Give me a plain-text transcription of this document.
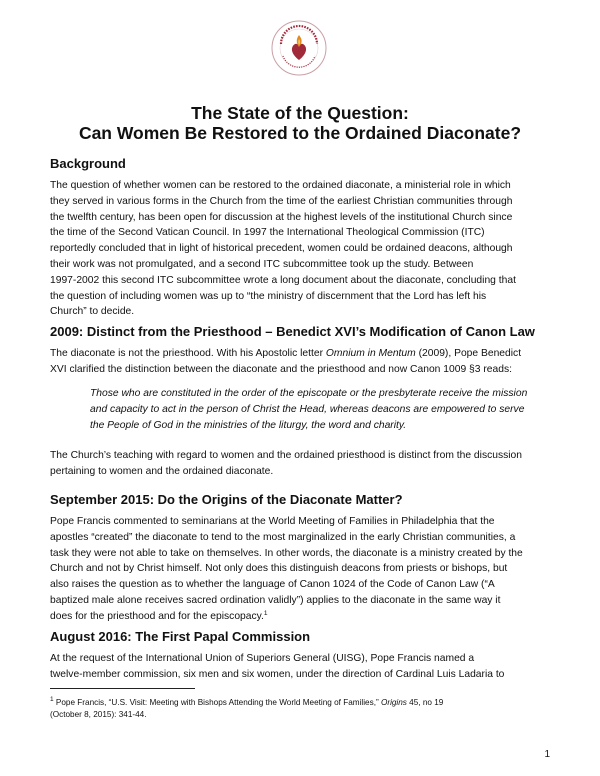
The State of the Question:
Can Women Be Restored to the Ordained Diaconate?
Background
The question of whether women can be restored to the ordained diaconate, a ministerial role in which
they served in various forms in the Church from the time of the earliest Christian communities through
the twelfth century, has been open for discussion at the highest levels of the institutional Church since
the time of the Second Vatican Council. In 1997 the International Theological Commission (ITC)
reportedly concluded that in light of historical precedent, women could be ordained deacons, although
their work was not promulgated, and a second ITC subcommittee took up the study. Between
1997-2002 this second ITC subcommittee wrote a long document about the diaconate, concluding that
the question of including women was up to “the ministry of discernment that the Lord has left his
Church” to decide.
2009: Distinct from the Priesthood – Benedict XVI’s Modification of Canon Law
The diaconate is not the priesthood. With his Apostolic letter Omnium in Mentum (2009), Pope Benedict
XVI clarified the distinction between the diaconate and the priesthood and now Canon 1009 §3 reads:
Those who are constituted in the order of the episcopate or the presbyterate receive the mission
and capacity to act in the person of Christ the Head, whereas deacons are empowered to serve
the People of God in the ministries of the liturgy, the word and charity.
The Church’s teaching with regard to women and the ordained priesthood is distinct from the discussion
pertaining to women and the ordained diaconate.
September 2015: Do the Origins of the Diaconate Matter?
Pope Francis commented to seminarians at the World Meeting of Families in Philadelphia that the
apostles “created” the diaconate to tend to the most marginalized in the early Christian communities, a
task they were not able to take on themselves. In other words, the diaconate is a ministry created by the
Church and not by Christ himself. Not only does this distinguish deacons from priests or bishops, but
also raises the question as to whether the language of Canon 1024 of the Code of Canon Law (“A
baptized male alone receives sacred ordination validly”) applies to the diaconate in the same way it
does for the priesthood and for the episcopacy.$^1$
August 2016: The First Papal Commission
At the request of the International Union of Superiors General (UISG), Pope Francis named a
twelve-member commission, six men and six women, under the direction of Cardinal Luis Ladaria to
$^1$ Pope Francis, “U.S. Visit: Meeting with Bishops Attending the World Meeting of Families,” Origins 45, no 19
(October 8, 2015): 341-44.
1
